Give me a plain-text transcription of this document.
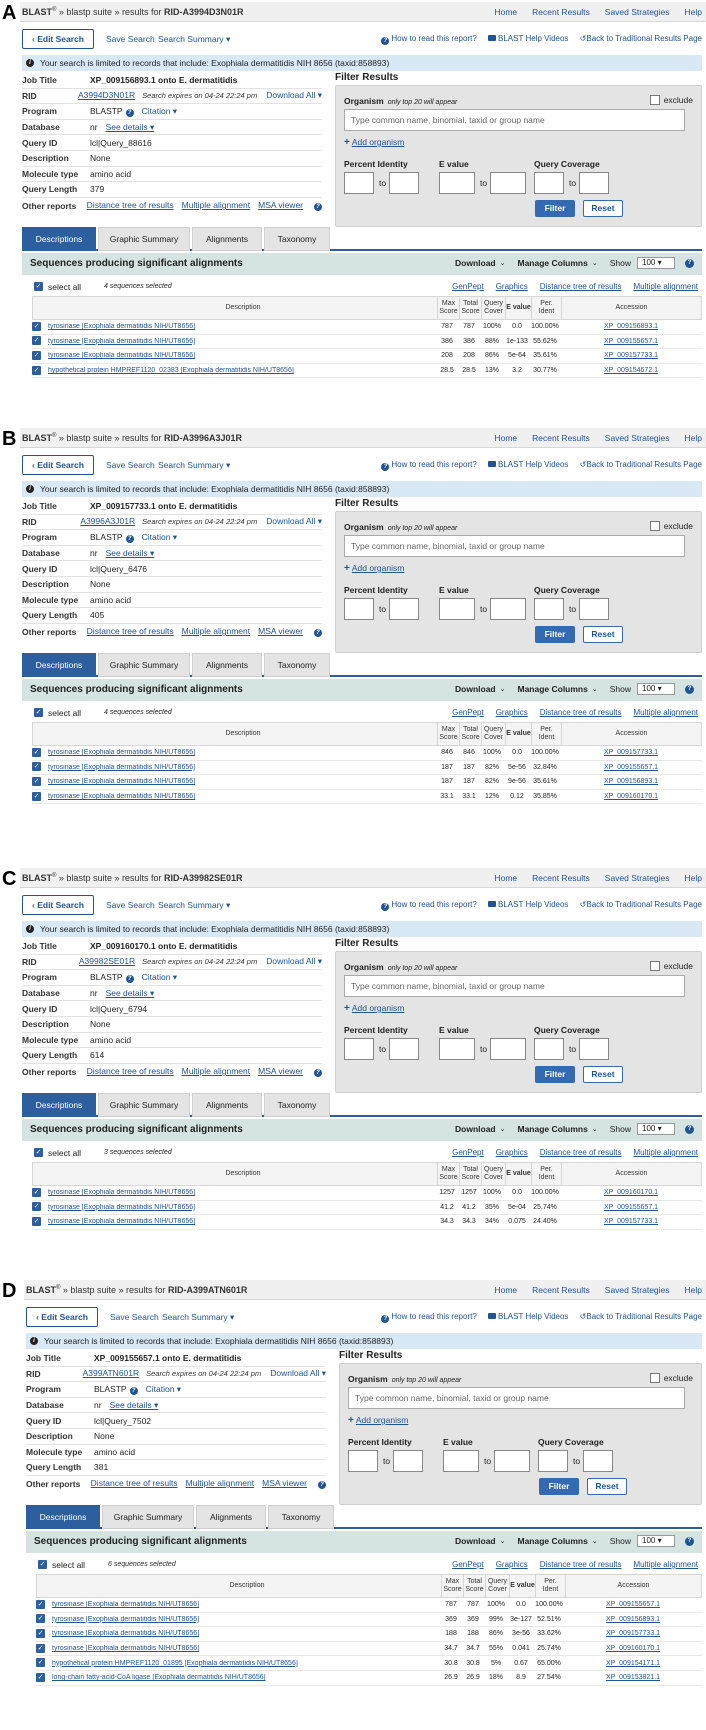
A BLAST® » blastp suite » results for RID-A3994D3N01R	Home Recent Results Saved Strategies Help
‹ Edit Search	Save Search Search Summary ▾	? How to read this report?	BLAST Help Videos ↺Back to Traditional Results Page
i	Your search is limited to records that include: Exophiala dermatitidis NIH 8656 (taxid:858893)
Job Title	XP_009156893.1 onto E. dermatitidis
RID	A3994D3N01R Search expires on 04-24 22:24 pm Download All ▾
Program	BLASTP ? Citation ▾
Database	nr See details ▾
Query ID	lcl|Query_88616
Description	None
Molecule type	amino acid
Query Length	379
Other reports	Distance tree of results Multiple alignment MSA viewer ?
Filter Results
Organism only top 20 will appear	exclude
Type common name, binomial, taxid or group name
+ Add organism
Percent Identity	E value	Query Coverage
to	to	to
Filter	Reset
Descriptions	Graphic Summary	Alignments	Taxonomy
Sequences producing significant alignments	Download ⌄ Manage Columns ⌄ Show	100 ▾	?
✓ select all	4 sequences selected	GenPept Graphics Distance tree of results Multiple alignment
Description
Max Score
Total Score
Query Cover
E value
Per. Ident
Accession
✓ tyrosinase [Exophiala dermatitidis NIH/UT8656]	787	787	100%	0.0	100.00%	XP_009156893.1
✓ tyrosinase [Exophiala dermatitidis NIH/UT8656]	386	386	88%	1e-133 55.62%	XP_009155657.1
✓ tyrosinase [Exophiala dermatitidis NIH/UT8656]	208	208	86%	5e-64	35.61%	XP_009157733.1
✓ hypothetical protein HMPREF1120_02383 [Exophiala dermatitidis NIH/UT8656]	28.5	28.5	13%	3.2	30.77%	XP_009154672.1
B BLAST® » blastp suite » results for RID-A3996A3J01R	Home Recent Results Saved Strategies Help
‹ Edit Search	Save Search Search Summary ▾	? How to read this report?	BLAST Help Videos ↺Back to Traditional Results Page
i	Your search is limited to records that include: Exophiala dermatitidis NIH 8656 (taxid:858893)
Job Title	XP_009157733.1 onto E. dermatitidis
RID	A3996A3J01R Search expires on 04-24 22:24 pm Download All ▾
Program	BLASTP ? Citation ▾
Database	nr See details ▾
Query ID	lcl|Query_6476
Description	None
Molecule type	amino acid
Query Length	405
Other reports	Distance tree of results Multiple alignment MSA viewer ?
Filter Results
Organism only top 20 will appear	exclude
Type common name, binomial, taxid or group name
+ Add organism
Percent Identity	E value	Query Coverage
to	to	to
Filter	Reset
Descriptions	Graphic Summary	Alignments	Taxonomy
Sequences producing significant alignments	Download ⌄ Manage Columns ⌄ Show	100 ▾	?
✓ select all	4 sequences selected	GenPept Graphics Distance tree of results Multiple alignment
Description
Max Score
Total Score
Query Cover
E value
Per. Ident
Accession
✓ tyrosinase [Exophiala dermatitidis NIH/UT8656]	846	846	100%	0.0	100.00%	XP_009157733.1
✓ tyrosinase [Exophiala dermatitidis NIH/UT8656]	187	187	82%	5e-56	32.84%	XP_009155657.1
✓ tyrosinase [Exophiala dermatitidis NIH/UT8656]	187	187	82%	9e-56	35.61%	XP_009156893.1
✓ tyrosinase [Exophiala dermatitidis NIH/UT8656]	33.1	33.1	12%	0.12	35.85%	XP_009160170.1
C BLAST® » blastp suite » results for RID-A39982SE01R	Home Recent Results Saved Strategies Help
‹ Edit Search	Save Search Search Summary ▾	? How to read this report?	BLAST Help Videos ↺Back to Traditional Results Page
i	Your search is limited to records that include: Exophiala dermatitidis NIH 8656 (taxid:858893)
Job Title	XP_009160170.1 onto E. dermatitidis
RID	A39982SE01R Search expires on 04-24 22:24 pm Download All ▾
Program	BLASTP ? Citation ▾
Database	nr See details ▾
Query ID	lcl|Query_6794
Description	None
Molecule type	amino acid
Query Length	614
Other reports	Distance tree of results Multiple alignment MSA viewer ?
Filter Results
Organism only top 20 will appear	exclude
Type common name, binomial, taxid or group name
+ Add organism
Percent Identity	E value	Query Coverage
to	to	to
Filter	Reset
Descriptions	Graphic Summary	Alignments	Taxonomy
Sequences producing significant alignments	Download ⌄ Manage Columns ⌄ Show	100 ▾	?
✓ select all	3 sequences selected	GenPept Graphics Distance tree of results Multiple alignment
Description
Max Score
Total Score
Query Cover
E value
Per. Ident
Accession
✓ tyrosinase [Exophiala dermatitidis NIH/UT8656]	1257 1257 100%	0.0	100.00%	XP_009160170.1
✓ tyrosinase [Exophiala dermatitidis NIH/UT8656]	41.2	41.2	35%	5e-04	25.74%	XP_009155657.1
✓ tyrosinase [Exophiala dermatitidis NIH/UT8656]	34.3	34.3	34%	0.075	24.40%	XP_009157733.1
D BLAST® » blastp suite » results for RID-A399ATN601R	Home Recent Results Saved Strategies Help
‹ Edit Search	Save Search Search Summary ▾	? How to read this report?	BLAST Help Videos ↺Back to Traditional Results Page
i	Your search is limited to records that include: Exophiala dermatitidis NIH 8656 (taxid:858893)
Job Title	XP_009155657.1 onto E. dermatitidis
RID	A399ATN601R Search expires on 04-24 22:24 pm Download All ▾
Program	BLASTP ? Citation ▾
Database	nr See details ▾
Query ID	lcl|Query_7502
Description	None
Molecule type	amino acid
Query Length	381
Other reports	Distance tree of results Multiple alignment MSA viewer ?
Filter Results
Organism only top 20 will appear	exclude
Type common name, binomial, taxid or group name
+ Add organism
Percent Identity	E value	Query Coverage
to	to	to
Filter	Reset
Descriptions	Graphic Summary	Alignments	Taxonomy
Sequences producing significant alignments	Download ⌄ Manage Columns ⌄ Show	100 ▾	?
✓ select all	6 sequences selected	GenPept Graphics Distance tree of results Multiple alignment
Description
Max Score
Total Score
Query Cover
E value
Per. Ident
Accession
✓ tyrosinase [Exophiala dermatitidis NIH/UT8656]	787	787	100%	0.0	100.00%	XP_009155657.1
✓ tyrosinase [Exophiala dermatitidis NIH/UT8656]	369	369	99%	3e-127 52.51%	XP_009156893.1
✓ tyrosinase [Exophiala dermatitidis NIH/UT8656]	188	188	86%	3e-56	33.62%	XP_009157733.1
✓ tyrosinase [Exophiala dermatitidis NIH/UT8656]	34.7	34.7	55%	0.041	25.74%	XP_009160170.1
✓ hypothetical protein HMPREF1120_01895 [Exophiala dermatitidis NIH/UT8656]	30.8	30.8	5%	0.67	65.00%	XP_009154171.1
✓ long-chain fatty-acid-CoA ligase [Exophiala dermatitidis NIH/UT8656]	26.9	26.9	18%	8.9	27.54%	XP_009153821.1
